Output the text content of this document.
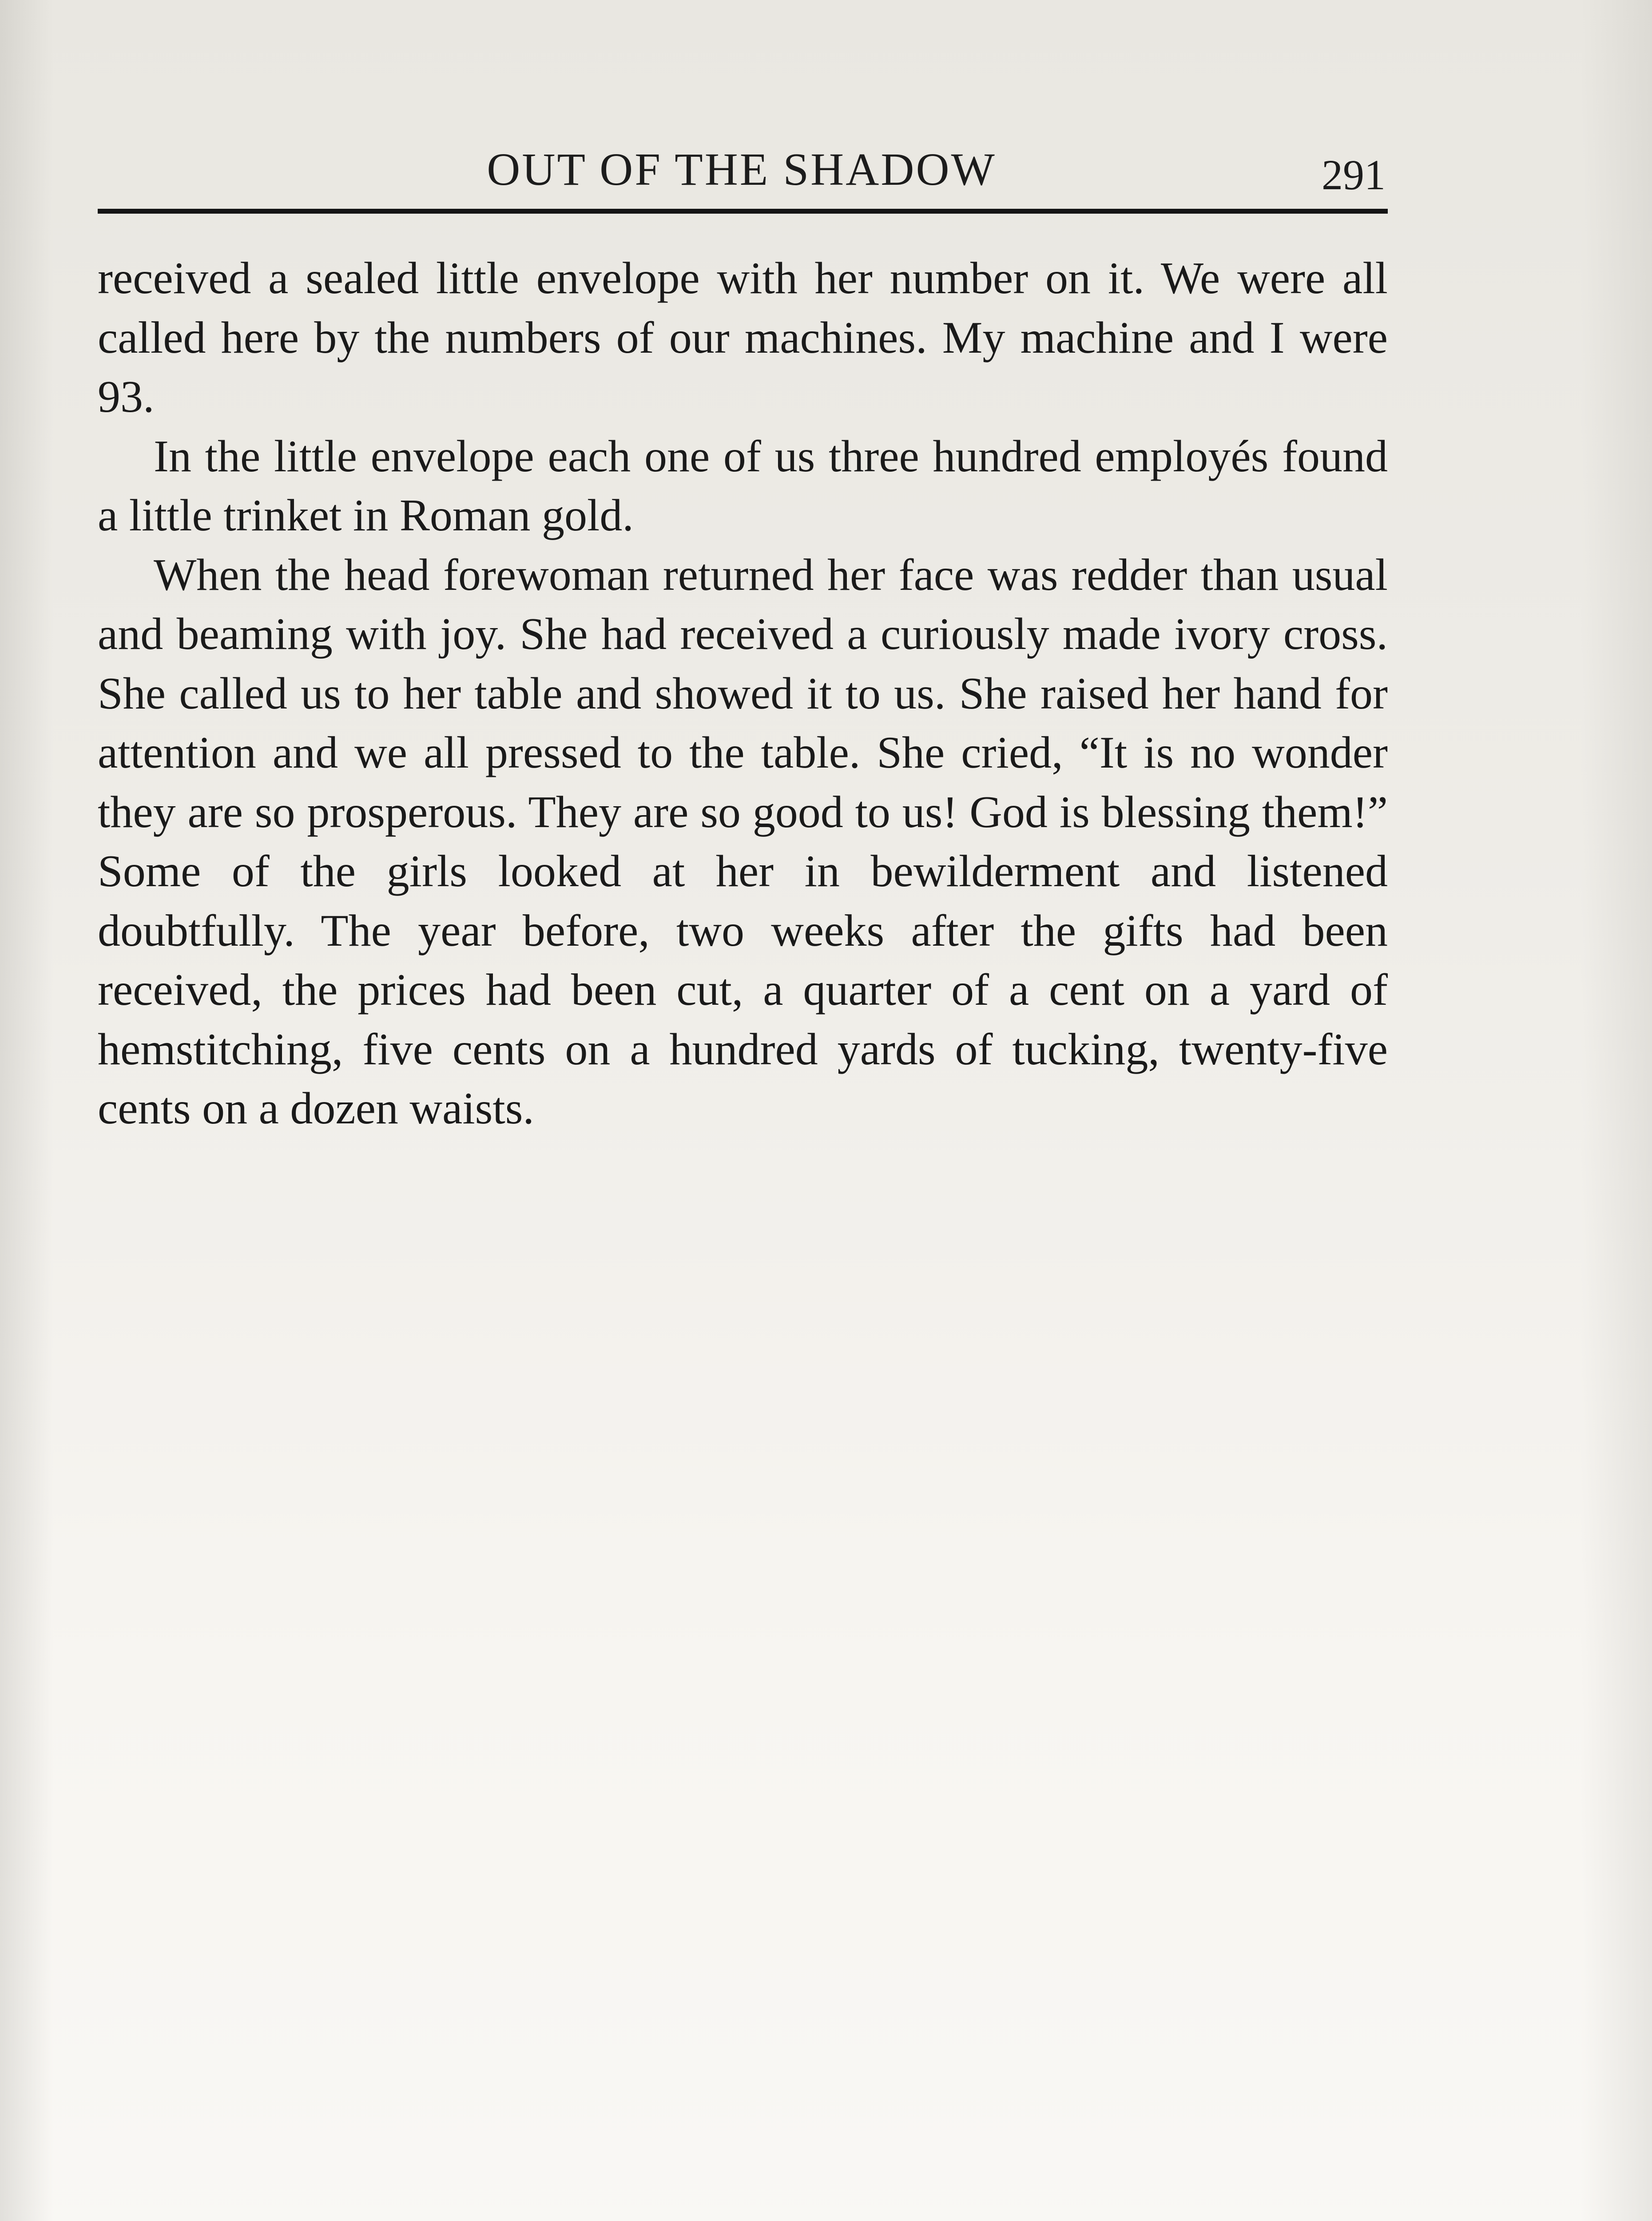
OUT OF THE SHADOW	291

received a sealed little envelope with her number on it. We were all called here by the numbers of our machines. My machine and I were 93.

In the little envelope each one of us three hundred employés found a little trinket in Roman gold.

When the head forewoman returned her face was redder than usual and beaming with joy. She had received a curiously made ivory cross. She called us to her table and showed it to us. She raised her hand for attention and we all pressed to the table. She cried, “It is no wonder they are so prosperous. They are so good to us! God is blessing them!” Some of the girls looked at her in bewilderment and listened doubtfully. The year before, two weeks after the gifts had been received, the prices had been cut, a quarter of a cent on a yard of hemstitching, five cents on a hundred yards of tucking, twenty-five cents on a dozen waists.
